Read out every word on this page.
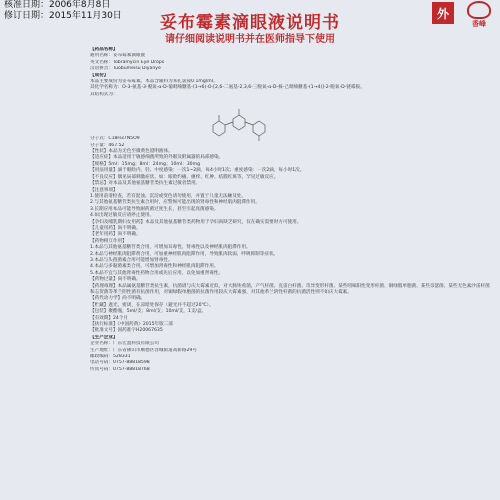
核准日期：2006年8月8日
修订日期：2015年11月30日	妥布霉素滴眼液说明书
请仔细阅读说明书并在医师指导下使用
外
香峰
【药品名称】
通用名称：妥布霉素滴眼液
英文名称：Tobramycin Eye Drops
汉语拼音：Tuobumeisu Diyanye
【成份】
本品主要成份为妥布霉素。本品含辅料为苯扎氯铵0.1mg/ml。
其化学名称为：O-3-氨基-3-脱氧-α-D-葡吡喃糖基-(1→6)-O-[2,6-二氨基-2,3,6-三脱氧-α-D-核-己吡喃糖基-(1→4)]-2-脱氧-D-链霉胺。
其结构式为：
分子式：C18H37N5O9
分子量：467.52
【性状】本品为无色至微黄色澄明液体。
【适应症】本品适用于敏感细菌所致的外眼及附属器的局部感染。
【规格】5ml：15mg；8ml：24mg；10ml：30mg
【用法用量】滴于眼睑内，轻、中度感染：一次1~2滴，每4小时1次；重度感染：一次2滴，每小时1次。
【不良反应】偶见局部刺激症状，如：眼睑灼痛、瘙痒、红肿、结膜红斑等，罕见过敏反应。
【禁忌】对本品及其他氨基糖苷类抗生素过敏者禁用。
【注意事项】
1.使用前请检查，若有混浊、沉淀或变色请勿使用，并置于儿童无法触及处。
2.与其他氨基糖苷类抗生素合用时，应警惕可能出现的肾毒性和神经肌肉阻滞作用。
3.长期应用本品可能导致耐药菌过度生长，甚至引起真菌感染。
4.如出现过敏反应请停止使用。
【孕妇及哺乳期妇女用药】本品及其他氨基糖苷类药物用于孕妇尚缺乏研究，仅在确实需要时方可使用。
【儿童用药】尚不明确。
【老年用药】尚不明确。
【药物相互作用】
1.本品与其他氨基糖苷类合用，可增加耳毒性、肾毒性以及神经肌肉阻滞作用。
2.本品与神经肌肉阻滞剂合用，可加重神经肌肉阻滞作用，导致肌肉软弱、呼吸抑制等症状。
3.本品与头孢菌素合用可能增加肾毒性。
4.本品与多黏菌素类合用，可增加肾毒性和神经肌肉阻滞作用。
5.本品不宜与其他肾毒性药物合用或先后应用，以免加重肾毒性。
【药物过量】尚不明确。
【药理毒理】本品属氨基糖苷类抗生素，抗菌谱与庆大霉素近似，对大肠埃希菌、产气杆菌、克雷白杆菌、奇异变形杆菌、某些吲哚阳性变形杆菌、铜绿假单胞菌、某些奈瑟菌、某些无色素沙雷杆菌和志贺菌等革兰阴性菌有抗菌作用，对铜绿假单胞菌的抗菌作用较庆大霉素强，对其他革兰阴性杆菌的抗菌活性则不如庆大霉素。
【药代动力学】尚不明确。
【贮藏】遮光，密闭，在凉暗处保存（避光并不超过20℃）。
【包装】聚酯瓶，5ml/支；8ml/支；10ml/支，1支/盒。
【有效期】24个月
【执行标准】《中国药典》2015年版二部
【批准文号】国药准字H20067635
【生产企业】
企业名称：广东宏盈科技有限公司
生产地址：广东省佛山市顺德区容城街道高新路29号
邮政编码：528331
电话号码：0757-88818598
传真号码：0757-88818768
